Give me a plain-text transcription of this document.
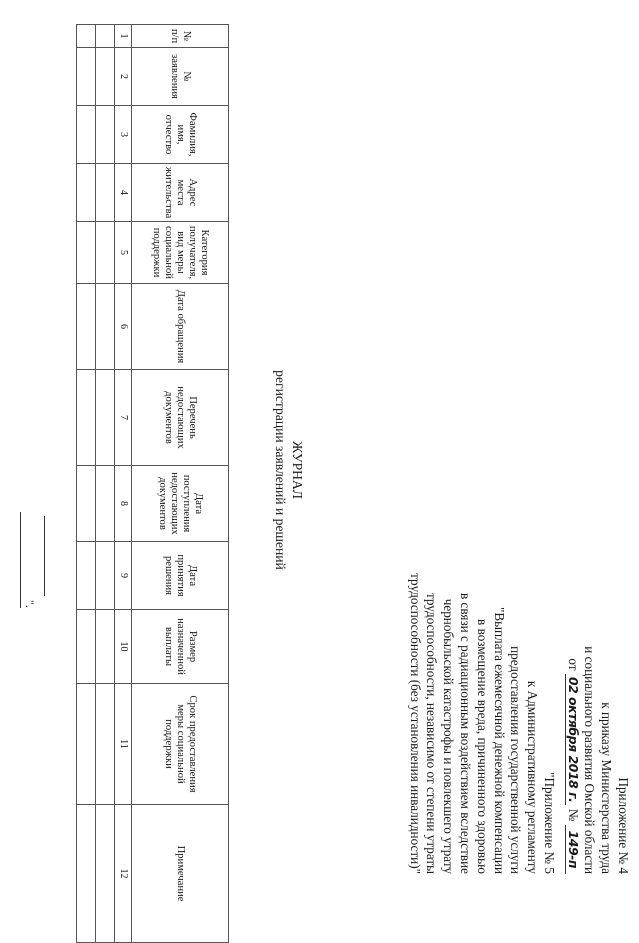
Приложение № 4
к приказу Министерства труда
и социального развития Омской области
от 02 октября 2018 г. № 149-п
"Приложение № 5
к Административному регламенту
предоставления государственной услуги
"Выплата ежемесячной денежной компенсации
в возмещение вреда, причиненного здоровью
в связи с радиационным воздействием вследствие
чернобыльской катастрофы и повлекшего утрату
трудоспособности, независимо от степени утраты
трудоспособности (без установления инвалидности)"
ЖУРНАЛ
регистрации заявлений и решений
№ п/п	№ заявления	Фамилия, имя, отчество	Адрес места жительства	Категория получателя, вид меры социальной поддержки	Дата обращения	Перечень недостающих документов	Дата поступления недостающих документов	Дата принятия решения	Размер назначенной выплаты	Срок предоставления меры социальной поддержки	Примечание
1	2	3	4	5	6	7	8	9	10	11	12

".
